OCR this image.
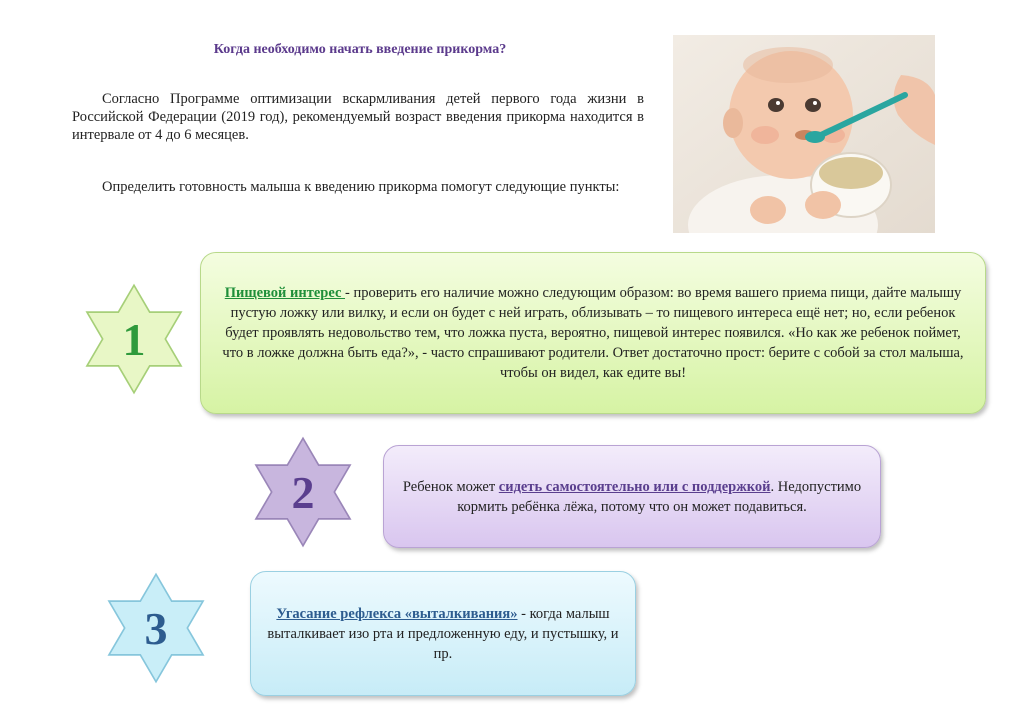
Когда необходимо начать введение прикорма?

Согласно Программе оптимизации вскармливания детей первого года жизни в Российской Федерации (2019 год), рекомендуемый возраст введения прикорма находится в интервале от 4 до 6 месяцев.

Определить готовность малыша к введению прикорма помогут следующие пункты:

1

Пищевой интерес - проверить его наличие можно следующим образом: во время вашего приема пищи, дайте малышу пустую ложку или вилку, и если он будет с ней играть, облизывать – то пищевого интереса ещё нет; но, если ребенок будет проявлять недовольство тем, что ложка пуста, вероятно, пищевой интерес появился. «Но как же ребенок поймет, что в ложке должна быть еда?», - часто спрашивают родители. Ответ достаточно прост: берите с собой за стол малыша, чтобы он видел, как едите вы!

2	Ребенок может сидеть самостоятельно или с поддержкой. Недопустимо кормить ребёнка лёжа, потому что он может подавиться.

3	Угасание рефлекса «выталкивания» - когда малыш выталкивает изо рта и предложенную еду, и пустышку, и пр.
